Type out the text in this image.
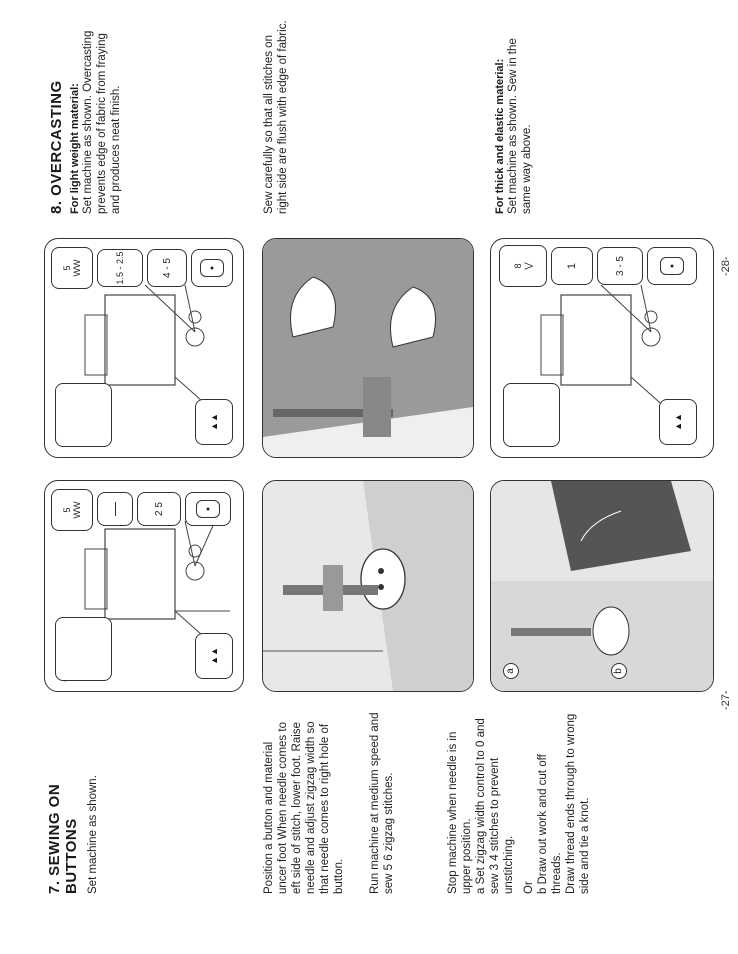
7. SEWING ON BUTTONS Set machine as shown.

▲▲
5 WW	2 5	●
a	b

Position a button and material uncer foot When needle comes to eft side of stitch, lower foot. Raise needle and adjust zigzag width so that needle comes to right hole of button. Run machine at medium speed and sew 5 6 zigzag stitches.	Stop machine when needle is in upper position. a Set zigzag width control to 0 and sew 3 4 stitches to prevent unstitching. Or b Draw out work and cut off threads. Draw thread ends through to wrong side and tie a knot.

-27-
8. OVERCASTING For light weight material: Set machine as shown. Overcasting prevents edge of fabric from fraying and produces neat finish.

▲▲
5 WW	1.5 - 2.5	4 - 5	●
▲▲
8 ⋁	1	3 - 5	●

Sew carefully so that all stitches on right side are flush with edge of fabric.	For thick and elastic material: Set machine as shown. Sew in the same way above.

-28-
